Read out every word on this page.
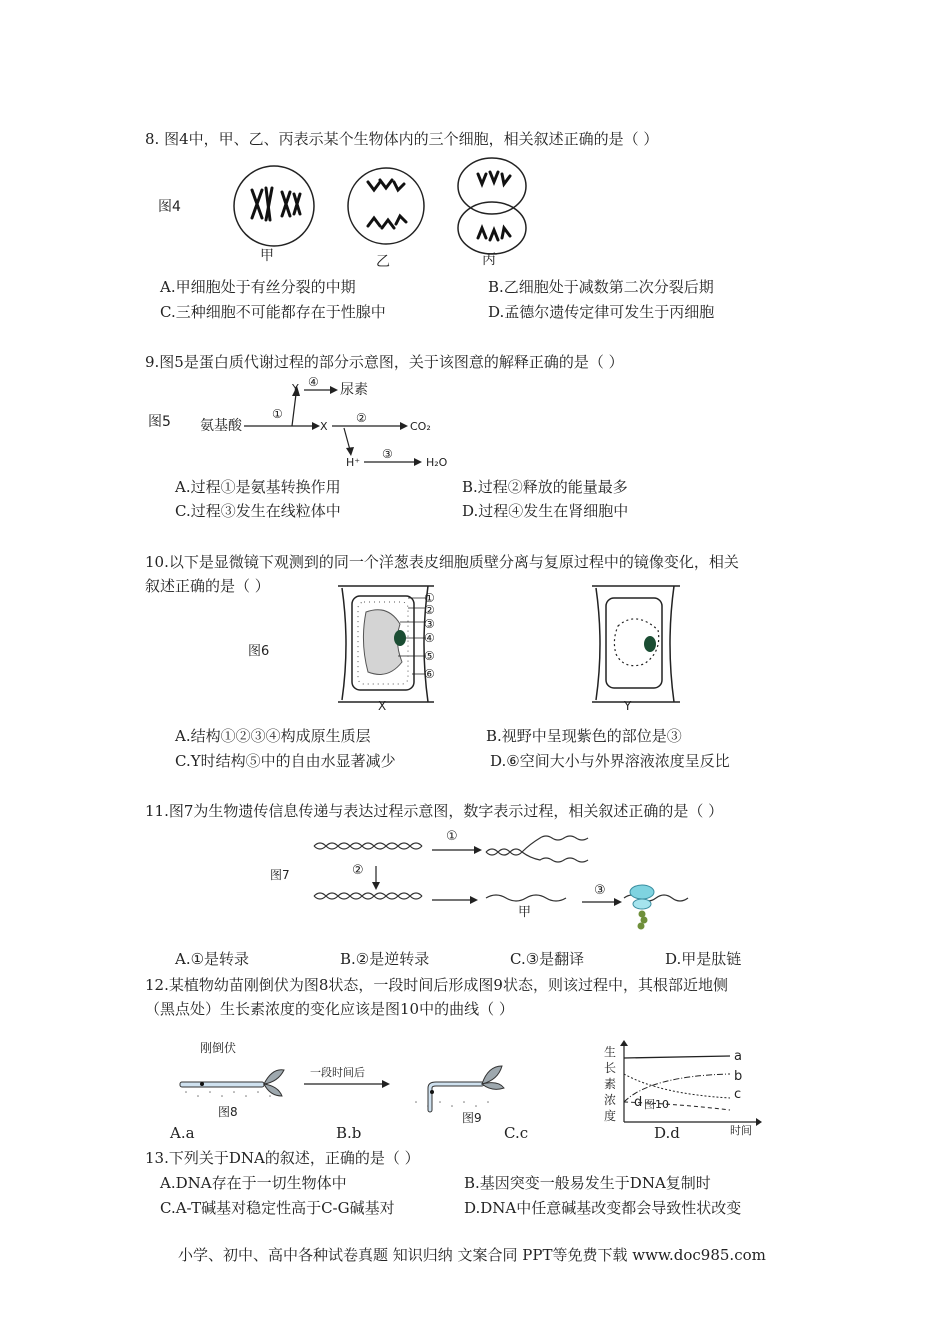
8. 图4中，甲、乙、丙表示某个生物体内的三个细胞，相关叙述正确的是（ ）
图4
甲	乙	丙
A.甲细胞处于有丝分裂的中期	B.乙细胞处于减数第二次分裂后期
C.三种细胞不可能都存在于性腺中	D.孟德尔遗传定律可发生于丙细胞
9.图5是蛋白质代谢过程的部分示意图，关于该图意的解释正确的是（ ）
图5 氨基酸
①
Y ④ 尿素
X
②
CO₂
H⁺
③
H₂O
A.过程①是氨基转换作用	B.过程②释放的能量最多
C.过程③发生在线粒体中	D.过程④发生在肾细胞中
10.以下是显微镜下观测到的同一个洋葱表皮细胞质壁分离与复原过程中的镜像变化，相关
叙述正确的是（ ）
图6
①
②
③
④
⑤
⑥
X	Y
A.结构①②③④构成原生质层	B.视野中呈现紫色的部位是③
C.Y时结构⑤中的自由水显著减少	D.⑥空间大小与外界溶液浓度呈反比
11.图7为生物遗传信息传递与表达过程示意图，数字表示过程，相关叙述正确的是（ ）
图7
①
②
甲
③
A.①是转录	B.②是逆转录	C.③是翻译	D.甲是肽链
12.某植物幼苗刚倒伏为图8状态，一段时间后形成图9状态，则该过程中，其根部近地侧
（黑点处）生长素浓度的变化应该是图10中的曲线（ ）
刚倒伏
图8
一段时间后
图9
生
长
素
浓
度
a
b
c
d 图10
时间
A.a	B.b	C.c	D.d
13.下列关于DNA的叙述，正确的是（ ）
A.DNA存在于一切生物体中	B.基因突变一般易发生于DNA复制时
C.A-T碱基对稳定性高于C-G碱基对	D.DNA中任意碱基改变都会导致性状改变
小学、初中、高中各种试卷真题 知识归纳 文案合同 PPT等免费下载 www.doc985.com
